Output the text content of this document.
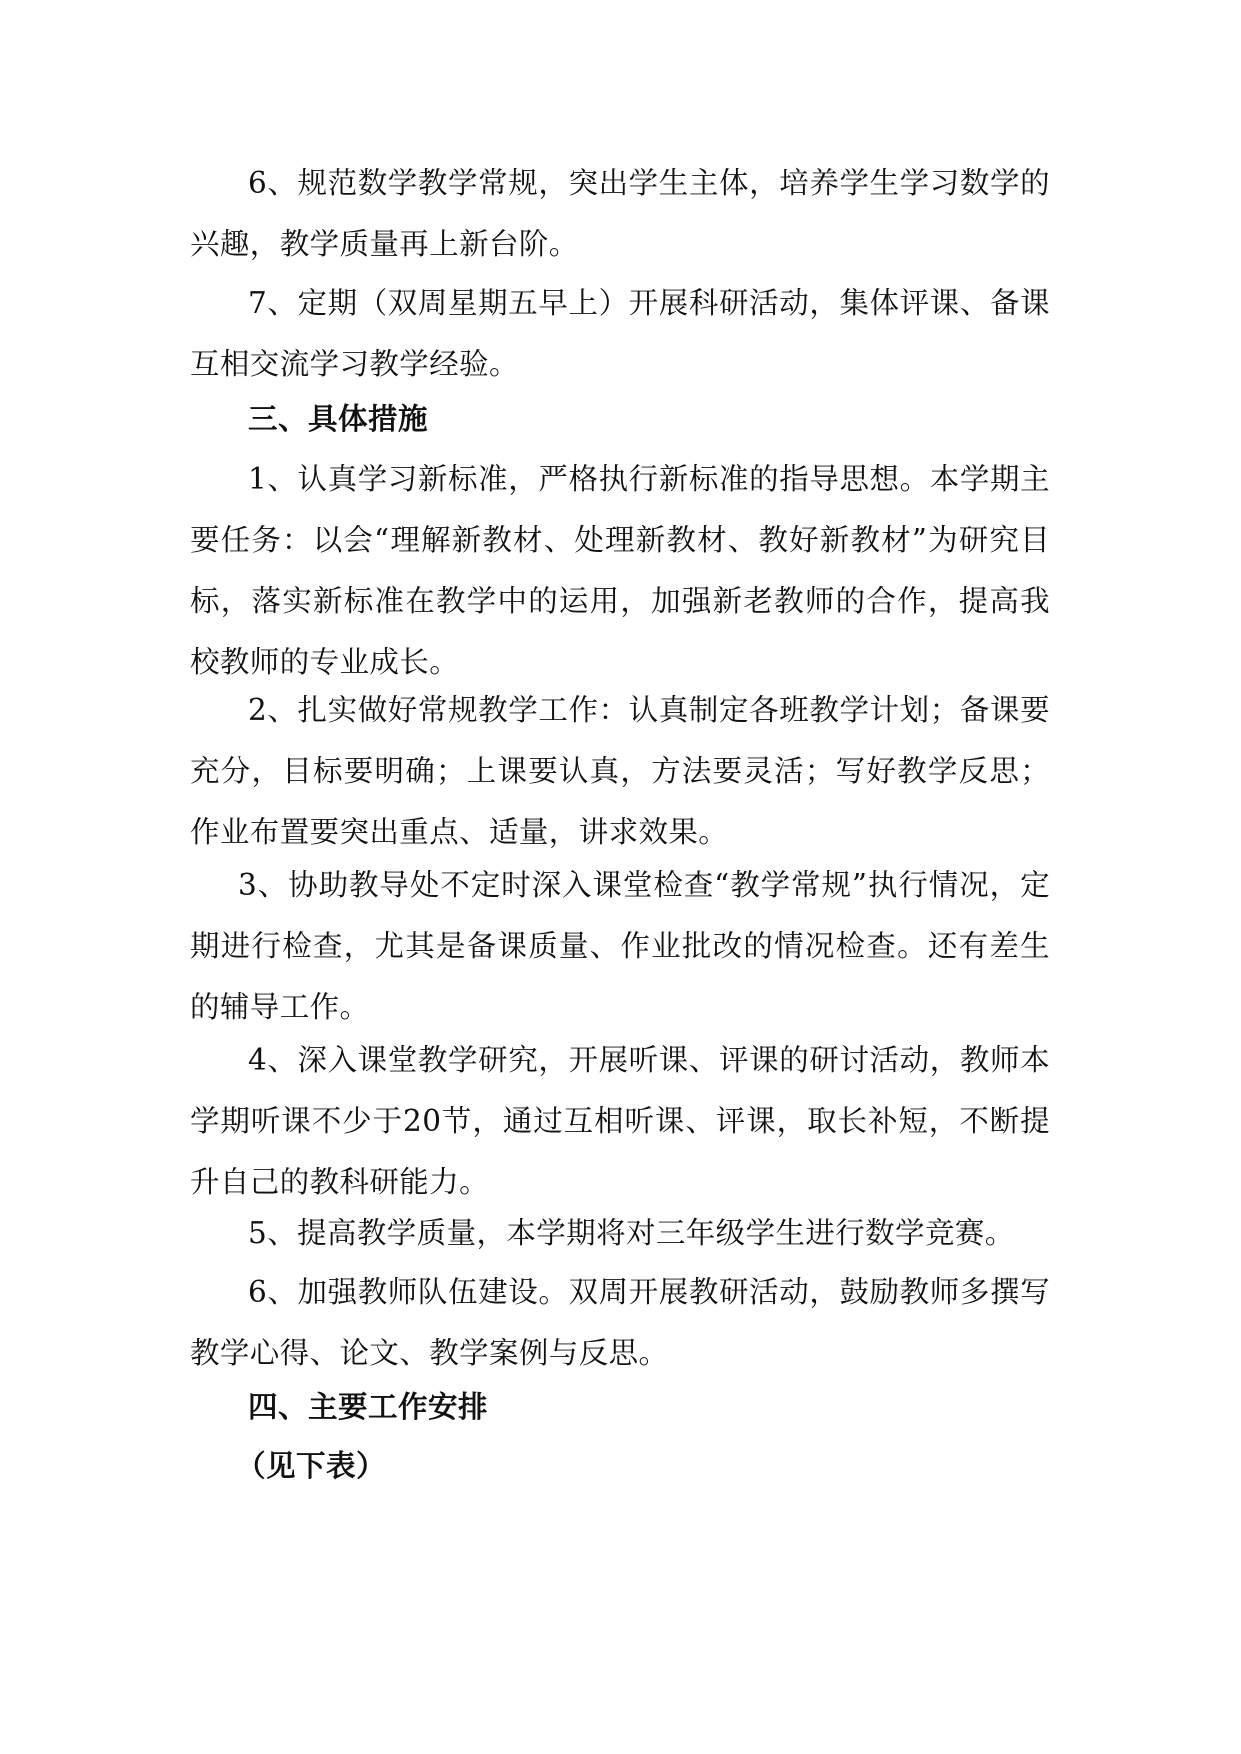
6、规范数学教学常规，突出学生主体，培养学生学习数学的兴趣，教学质量再上新台阶。

7、定期（双周星期五早上）开展科研活动，集体评课、备课互相交流学习教学经验。

三、具体措施

1、认真学习新标准，严格执行新标准的指导思想。本学期主要任务：以会“理解新教材、处理新教材、教好新教材”为研究目标，落实新标准在教学中的运用，加强新老教师的合作，提高我校教师的专业成长。

2、扎实做好常规教学工作：认真制定各班教学计划；备课要充分，目标要明确；上课要认真，方法要灵活；写好教学反思；作业布置要突出重点、适量，讲求效果。

3、协助教导处不定时深入课堂检查“教学常规”执行情况，定期进行检查，尤其是备课质量、作业批改的情况检查。还有差生的辅导工作。

4、深入课堂教学研究，开展听课、评课的研讨活动，教师本学期听课不少于20节，通过互相听课、评课，取长补短，不断提升自己的教科研能力。

5、提高教学质量，本学期将对三年级学生进行数学竞赛。

6、加强教师队伍建设。双周开展教研活动，鼓励教师多撰写教学心得、论文、教学案例与反思。

四、主要工作安排
（见下表）
